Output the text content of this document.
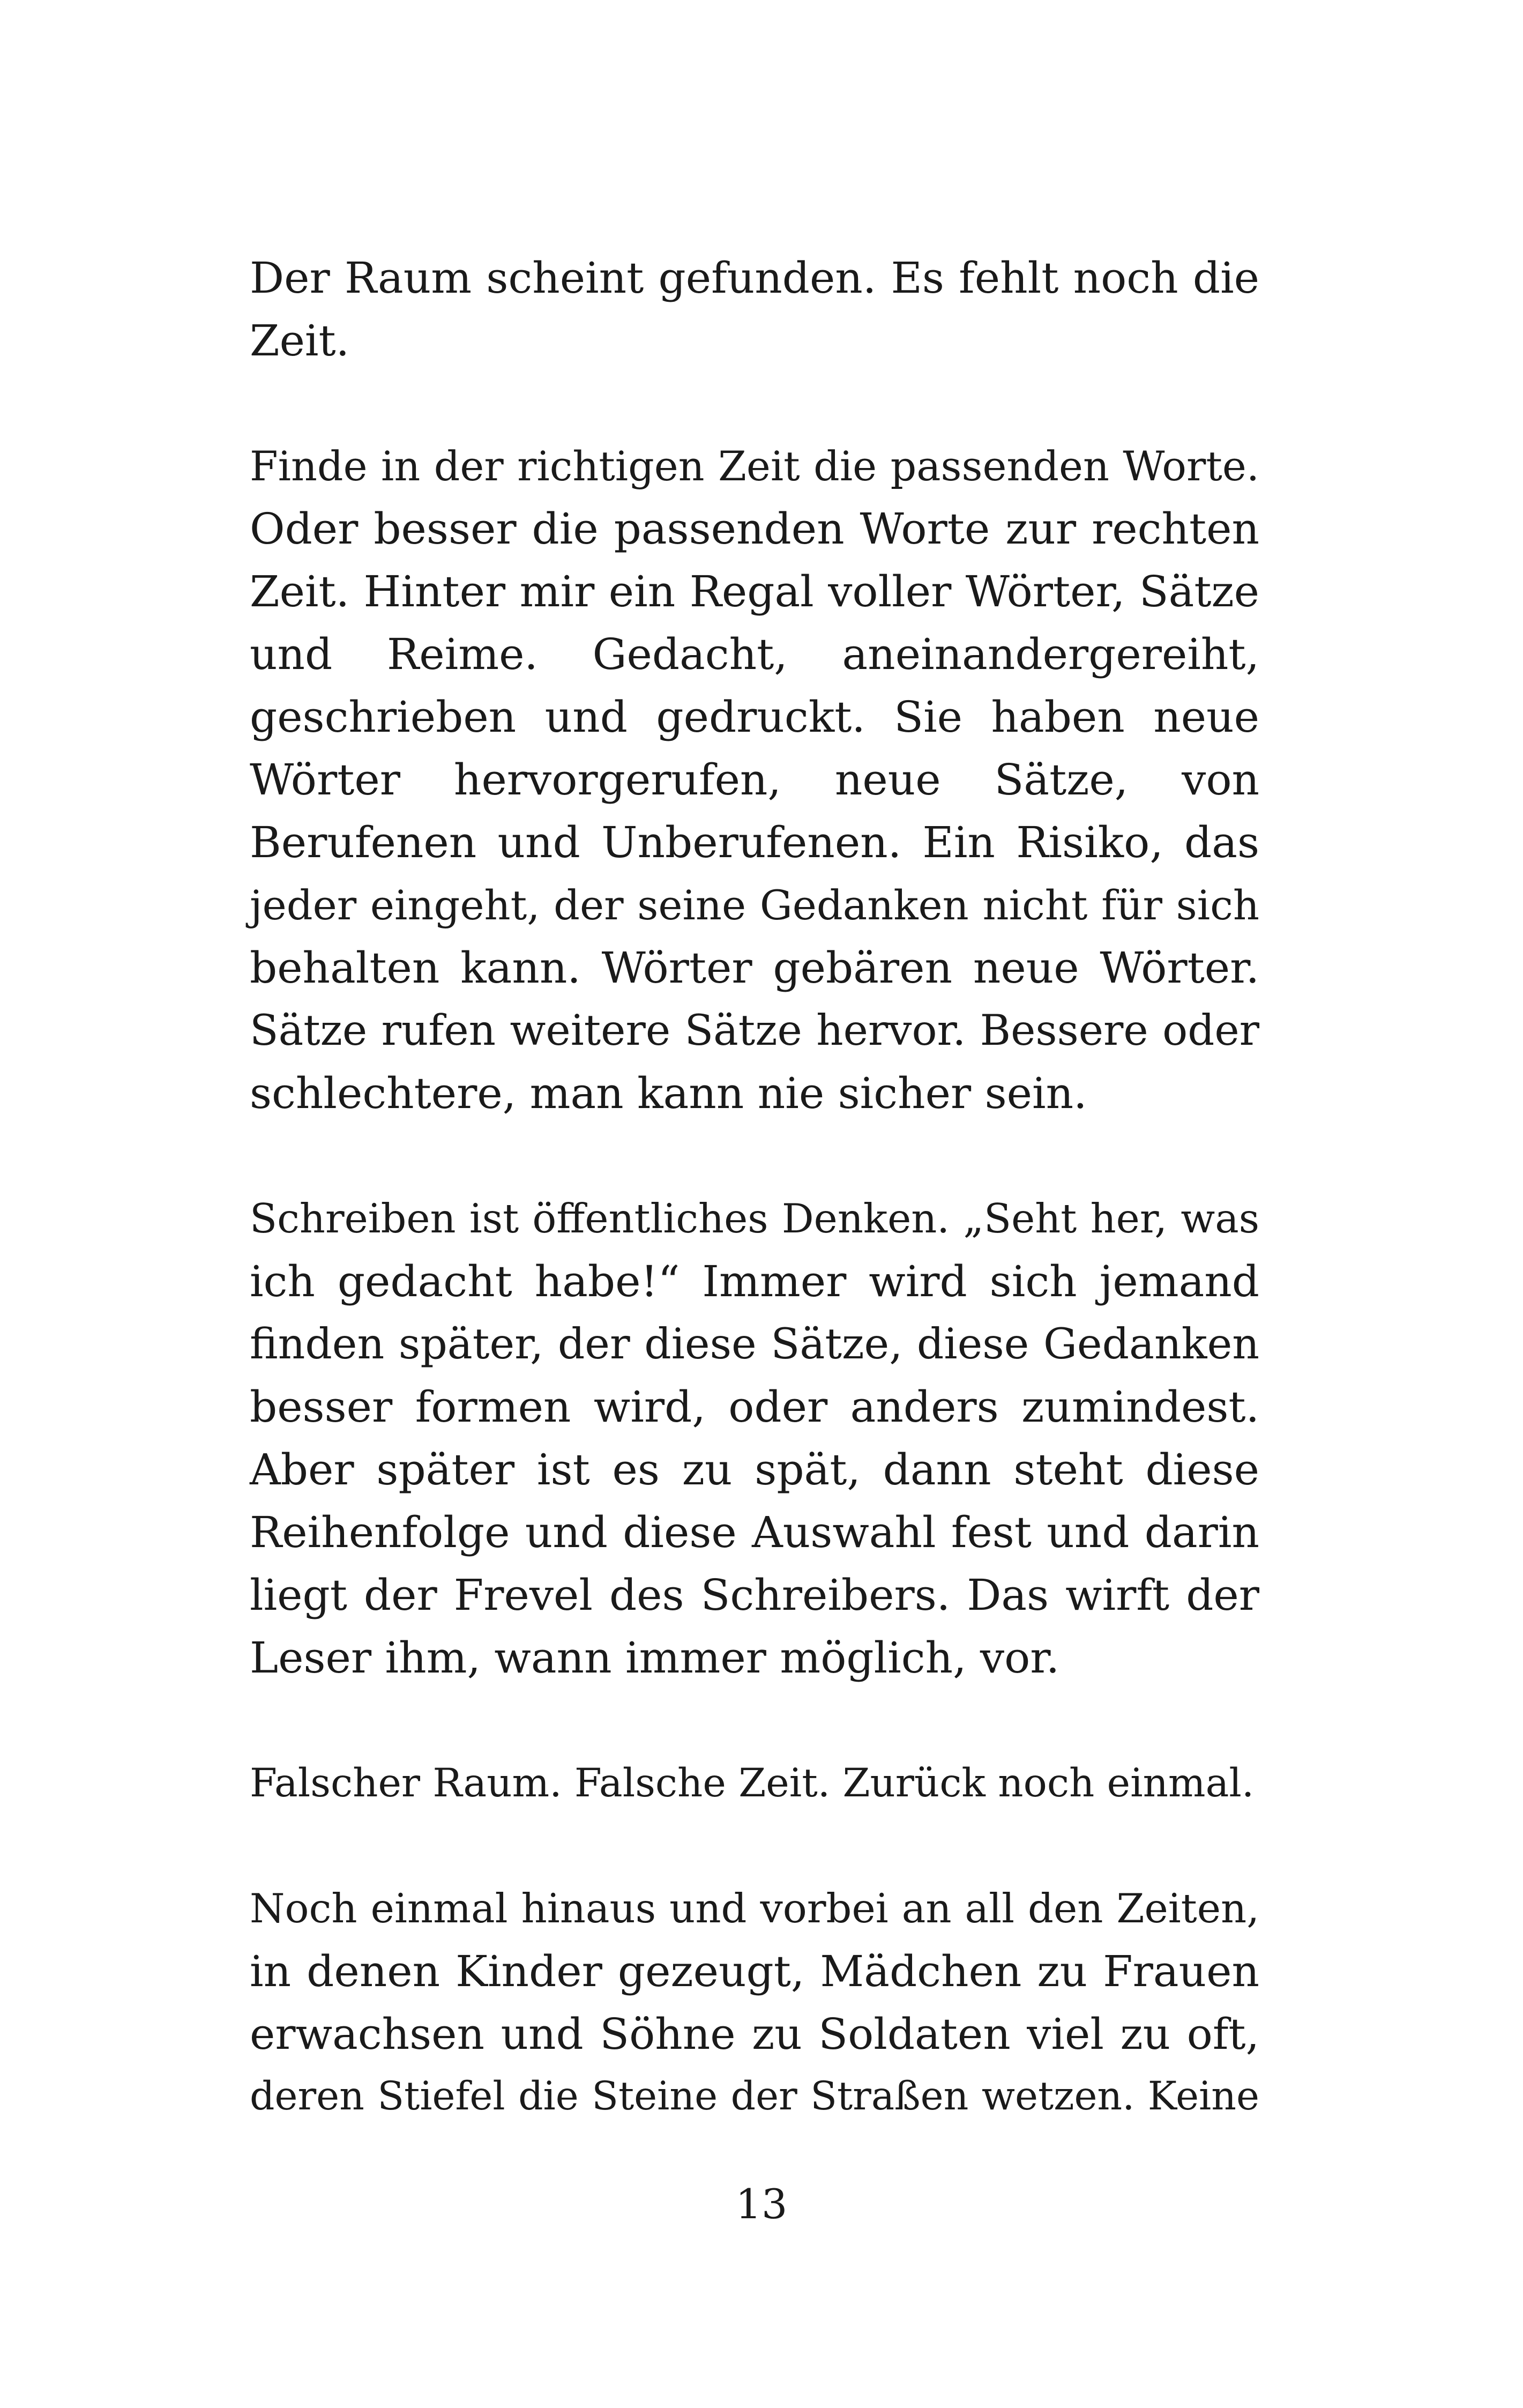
Der Raum scheint gefunden. Es fehlt noch die
Zeit.

Finde in der richtigen Zeit die passenden Worte.
Oder besser die passenden Worte zur rechten
Zeit. Hinter mir ein Regal voller Wörter, Sätze
und Reime. Gedacht, aneinandergereiht,
geschrieben und gedruckt. Sie haben neue
Wörter hervorgerufen, neue Sätze, von
Berufenen und Unberufenen. Ein Risiko, das
jeder eingeht, der seine Gedanken nicht für sich
behalten kann. Wörter gebären neue Wörter.
Sätze rufen weitere Sätze hervor. Bessere oder
schlechtere, man kann nie sicher sein.

Schreiben ist öffentliches Denken. „Seht her, was
ich gedacht habe!“ Immer wird sich jemand
finden später, der diese Sätze, diese Gedanken
besser formen wird, oder anders zumindest.
Aber später ist es zu spät, dann steht diese
Reihenfolge und diese Auswahl fest und darin
liegt der Frevel des Schreibers. Das wirft der
Leser ihm, wann immer möglich, vor.

Falscher Raum. Falsche Zeit. Zurück noch einmal.

Noch einmal hinaus und vorbei an all den Zeiten,
in denen Kinder gezeugt, Mädchen zu Frauen
erwachsen und Söhne zu Soldaten viel zu oft,
deren Stiefel die Steine der Straßen wetzen. Keine

13
